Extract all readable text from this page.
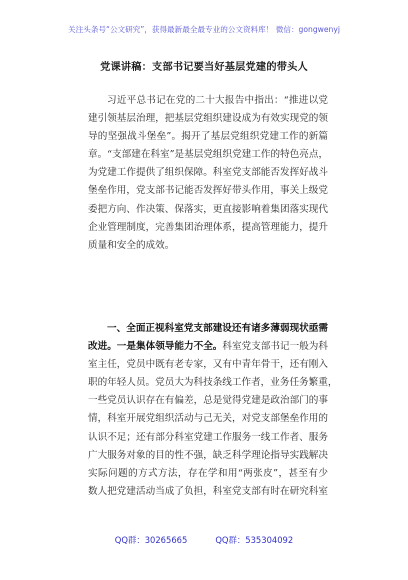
关注头条号“公文研究”，获得最新最全最专业的公文资料库！ 微信：gongwenyj
党课讲稿：支部书记要当好基层党建的带头人
习近平总书记在党的二十大报告中指出：“推进以党
建引领基层治理，把基层党组织建设成为有效实现党的领
导的坚强战斗堡垒”。揭开了基层党组织党建工作的新篇
章。“支部建在科室”是基层党组织党建工作的特色亮点，
为党建工作提供了组织保障。科室党支部能否发挥好战斗
堡垒作用，党支部书记能否发挥好带头作用，事关上级党
委把方向、作决策、保落实，更直接影响着集团落实现代
企业管理制度，完善集团治理体系，提高管理能力，提升
质量和安全的成效。
一、全面正视科室党支部建设还有诸多薄弱现状亟需
改进。一是集体领导能力不全。科室党支部书记一般为科
室主任，党员中既有老专家，又有中青年骨干，还有刚入
职的年轻人员。党员大为科技条线工作者，业务任务繁重，
一些党员认识存在有偏差，总是觉得党建是政治部门的事
情，科室开展党组织活动与己无关，对党支部堡垒作用的
认识不足；还有部分科室党建工作服务一线工作者、服务
广大服务对象的目的性不强，缺乏科学理论指导实践解决
实际问题的方式方法，存在学和用“两张皮”，甚至有少
数人把党建活动当成了负担，科室党支部有时在研究科室
QQ群：30265665	QQ群：535304092
